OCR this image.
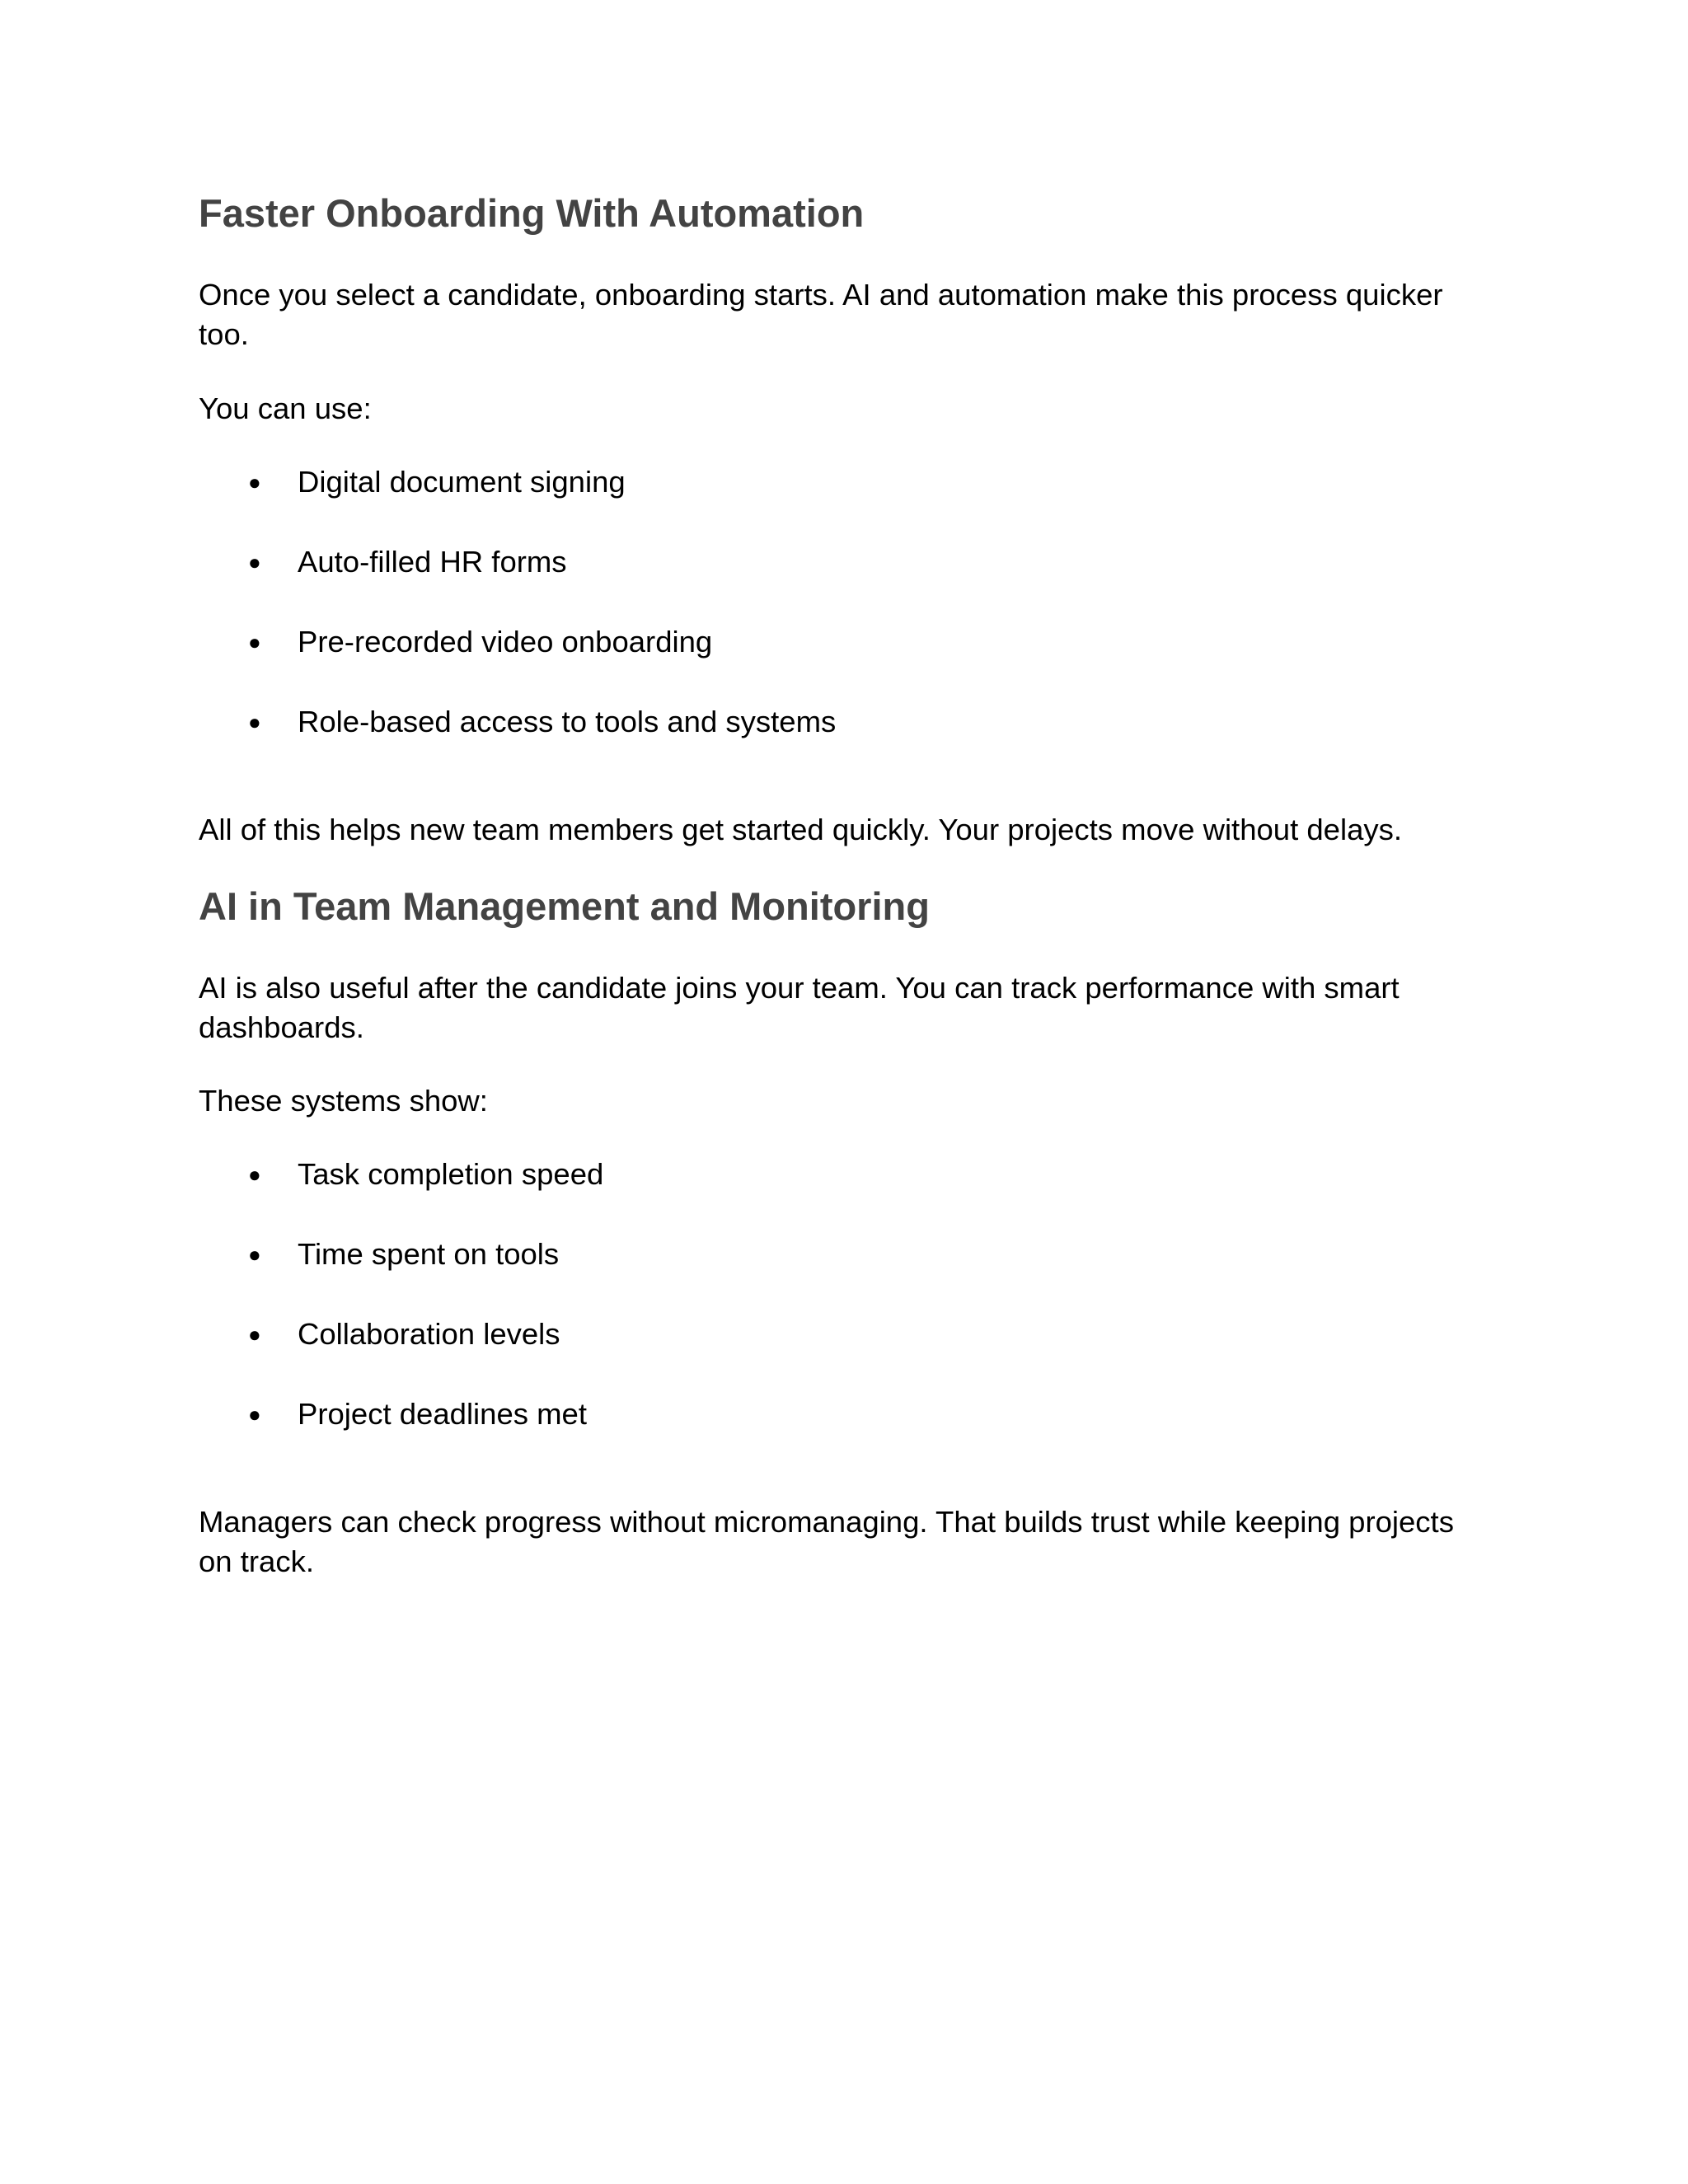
Faster Onboarding With Automation

Once you select a candidate, onboarding starts. AI and automation make this process quicker too.

You can use:

● Digital document signing
● Auto-filled HR forms
● Pre-recorded video onboarding
● Role-based access to tools and systems

All of this helps new team members get started quickly. Your projects move without delays.

AI in Team Management and Monitoring

AI is also useful after the candidate joins your team. You can track performance with smart dashboards.

These systems show:

● Task completion speed
● Time spent on tools
● Collaboration levels
● Project deadlines met

Managers can check progress without micromanaging. That builds trust while keeping projects on track.
